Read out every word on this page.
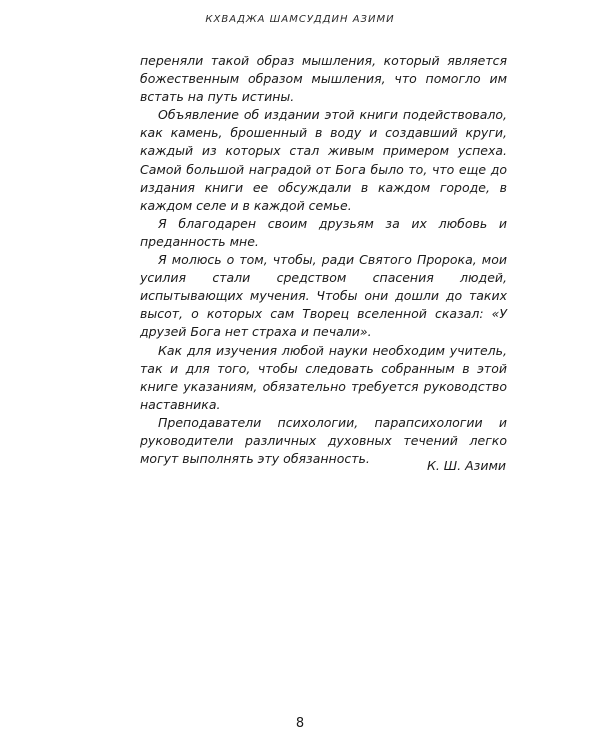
КХВАДЖА ШАМСУДДИН АЗИМИ

переняли такой образ мышления, который является божественным образом мышления, что помогло им встать на путь истины.

Объявление об издании этой книги подействовало, как камень, брошенный в воду и создавший круги, каждый из которых стал живым примером успеха. Самой большой наградой от Бога было то, что еще до издания книги ее обсуждали в каждом городе, в каждом селе и в каждой семье.

Я благодарен своим друзьям за их любовь и преданность мне.

Я молюсь о том, чтобы, ради Святого Пророка, мои усилия стали средством спасения людей, испытывающих мучения. Чтобы они дошли до таких высот, о которых сам Творец вселенной сказал: «У друзей Бога нет страха и печали».

Как для изучения любой науки необходим учитель, так и для того, чтобы следовать собранным в этой книге указаниям, обязательно требуется руководство наставника.

Преподаватели психологии, парапсихологии и руководители различных духовных течений легко могут выполнять эту обязанность.	К. Ш. Азими
8
